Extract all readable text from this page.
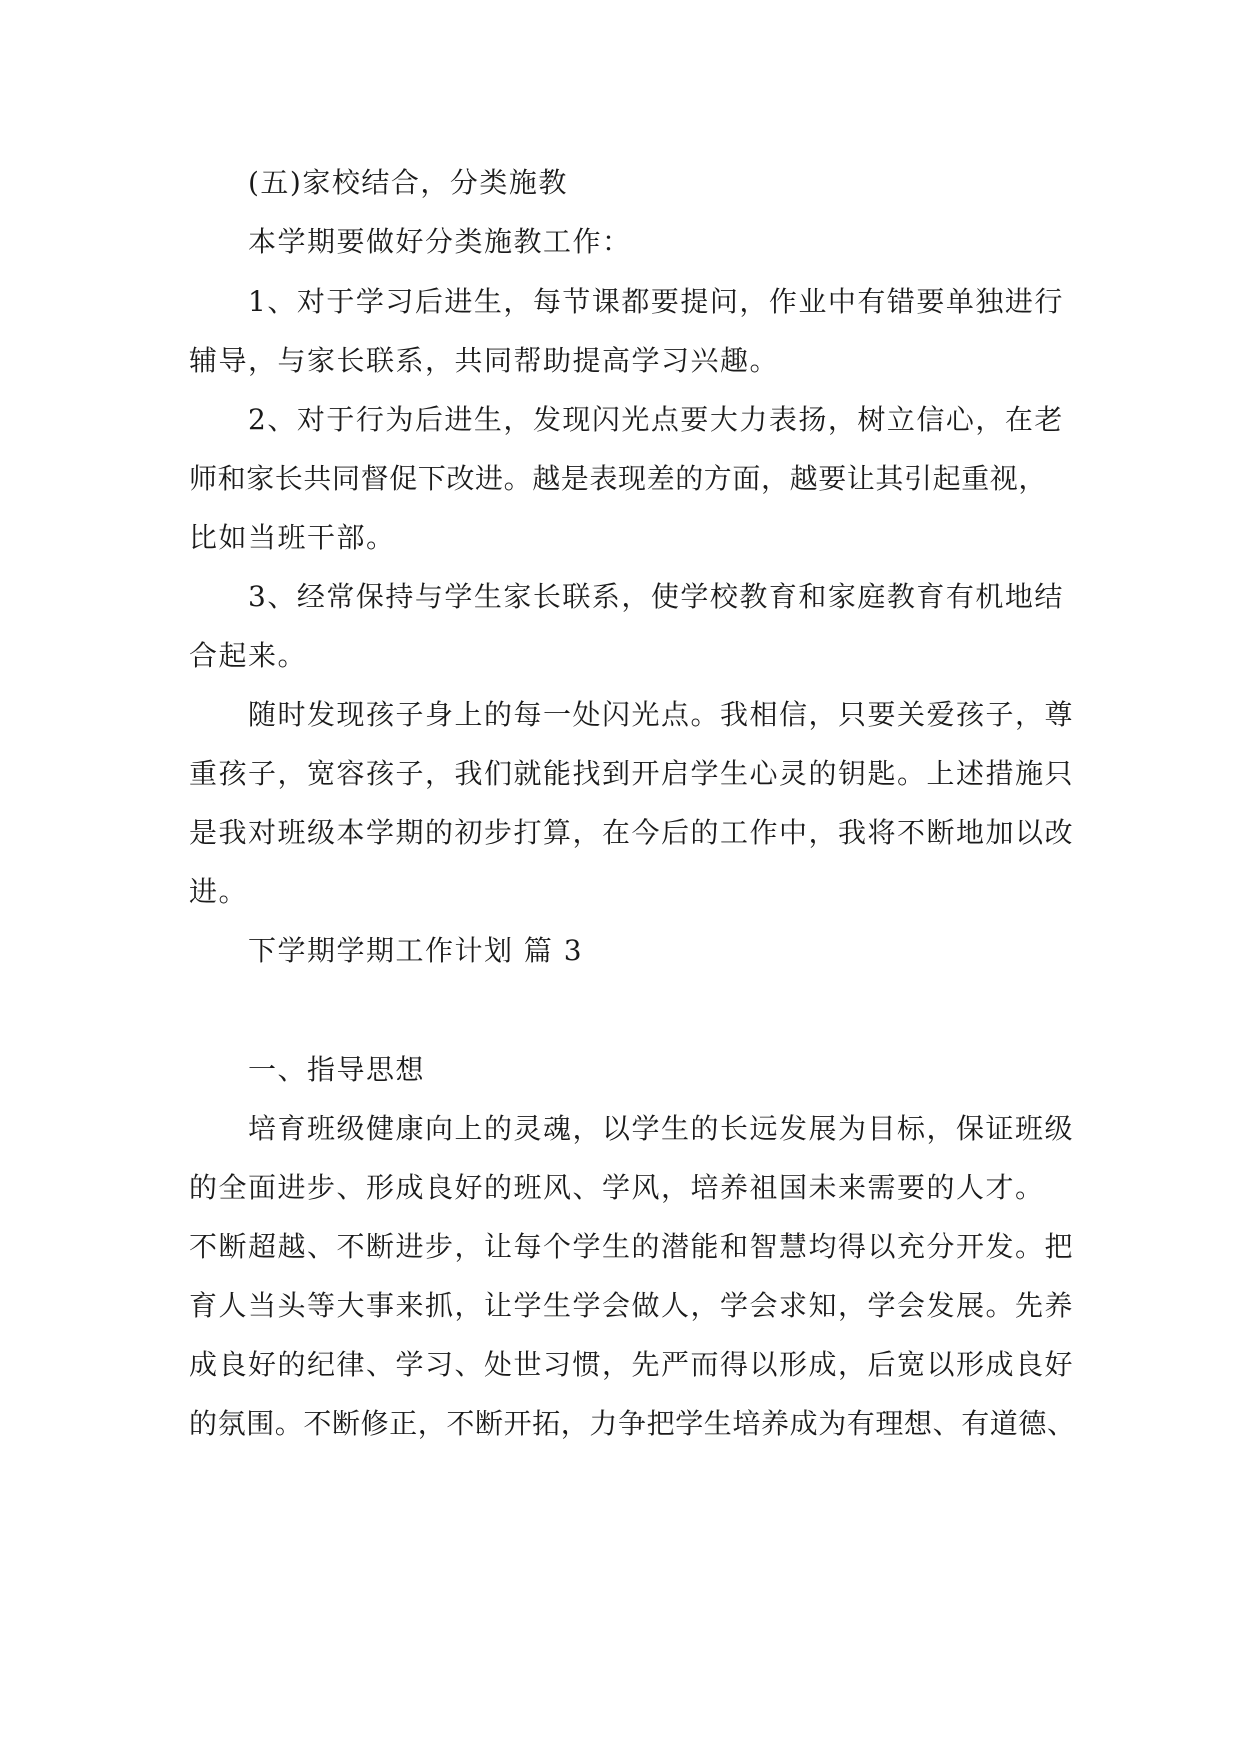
(五)家校结合，分类施教
本学期要做好分类施教工作：
1、对于学习后进生，每节课都要提问，作业中有错要单独进行
辅导，与家长联系，共同帮助提高学习兴趣。
2、对于行为后进生，发现闪光点要大力表扬，树立信心，在老
师和家长共同督促下改进。越是表现差的方面，越要让其引起重视，
比如当班干部。
3、经常保持与学生家长联系，使学校教育和家庭教育有机地结
合起来。
随时发现孩子身上的每一处闪光点。我相信，只要关爱孩子，尊
重孩子，宽容孩子，我们就能找到开启学生心灵的钥匙。上述措施只
是我对班级本学期的初步打算，在今后的工作中，我将不断地加以改
进。
下学期学期工作计划 篇 3
一、指导思想
培育班级健康向上的灵魂，以学生的长远发展为目标，保证班级
的全面进步、形成良好的班风、学风，培养祖国未来需要的人才。
不断超越、不断进步，让每个学生的潜能和智慧均得以充分开发。把
育人当头等大事来抓，让学生学会做人，学会求知，学会发展。先养
成良好的纪律、学习、处世习惯，先严而得以形成，后宽以形成良好
的氛围。不断修正，不断开拓，力争把学生培养成为有理想、有道德、
